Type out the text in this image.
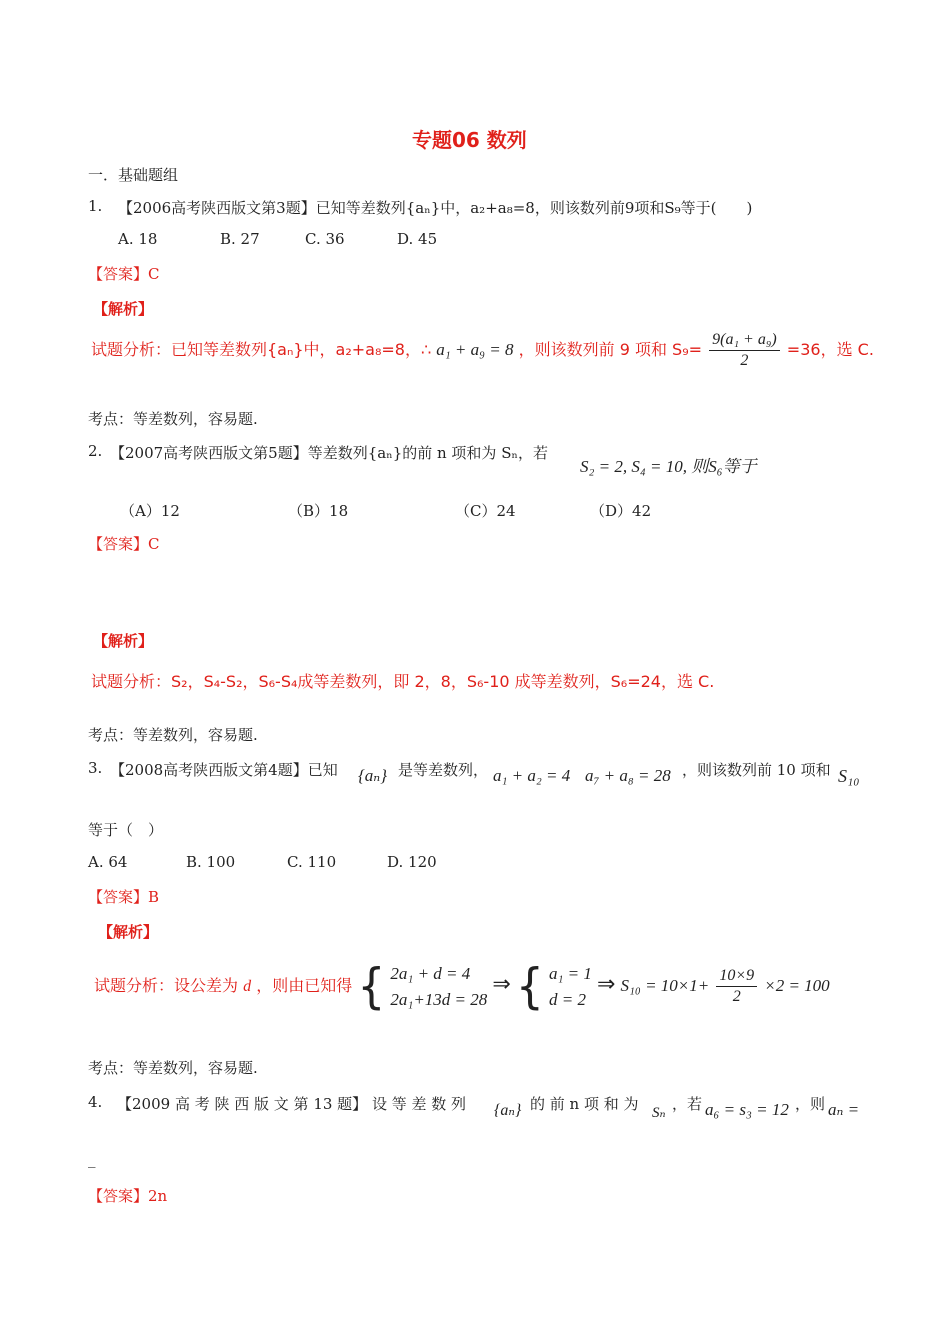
专题06 数列
一．基础题组
1. 【2006高考陕西版文第3题】已知等差数列{aₙ}中，a₂+a₈=8，则该数列前9项和S₉等于(　　)
A. 18	B. 27	C. 36	D. 45
【答案】C
【解析】
试题分析：已知等差数列{aₙ}中，a₂+a₈=8，∴ a₁ + a₉ = 8 ，则该数列前 9 项和 $S_9= \frac{\text{9(a₁ + a₉)}}{2} =36$，选 C.
考点：等差数列，容易题.
2. 【2007高考陕西版文第5题】等差数列{aₙ}的前 n 项和为 Sₙ，若
S₂ = 2, S₄ = 10, 则S₆等于
（A）12	（B）18	（C）24	（D）42
【答案】C
【解析】
试题分析：S₂，S₄-S₂，S₆-S₄成等差数列，即 2，8，S₆-10 成等差数列，S₆=24，选 C.
考点：等差数列，容易题.
3. 【2008高考陕西版文第4题】已知 {aₙ} 是等差数列， a₁ + a₂ = 4 a₇ + a₈ = 28 ，则该数列前 10 项和 S₁₀
等于（　）
A. 64	B. 100	C. 110	D. 120
【答案】B
【解析】
试题分析：设公差为 d ，则由已知得 { 2a₁ + d = 4
2a₁+13d = 28
⇒ { a₁ = 1
d = 2
⇒ $S_{10} = 10\times 1+ \frac{10\times 9}{2} \times 2 = 100$
考点：等差数列，容易题.
4. 【2009 高 考 陕 西 版 文 第 13 题】 设 等 差 数 列 {aₙ} 的 前 n 项 和 为 Sₙ ，若 a₆ = s₃ = 12 ，则 aₙ =
_
【答案】2n
